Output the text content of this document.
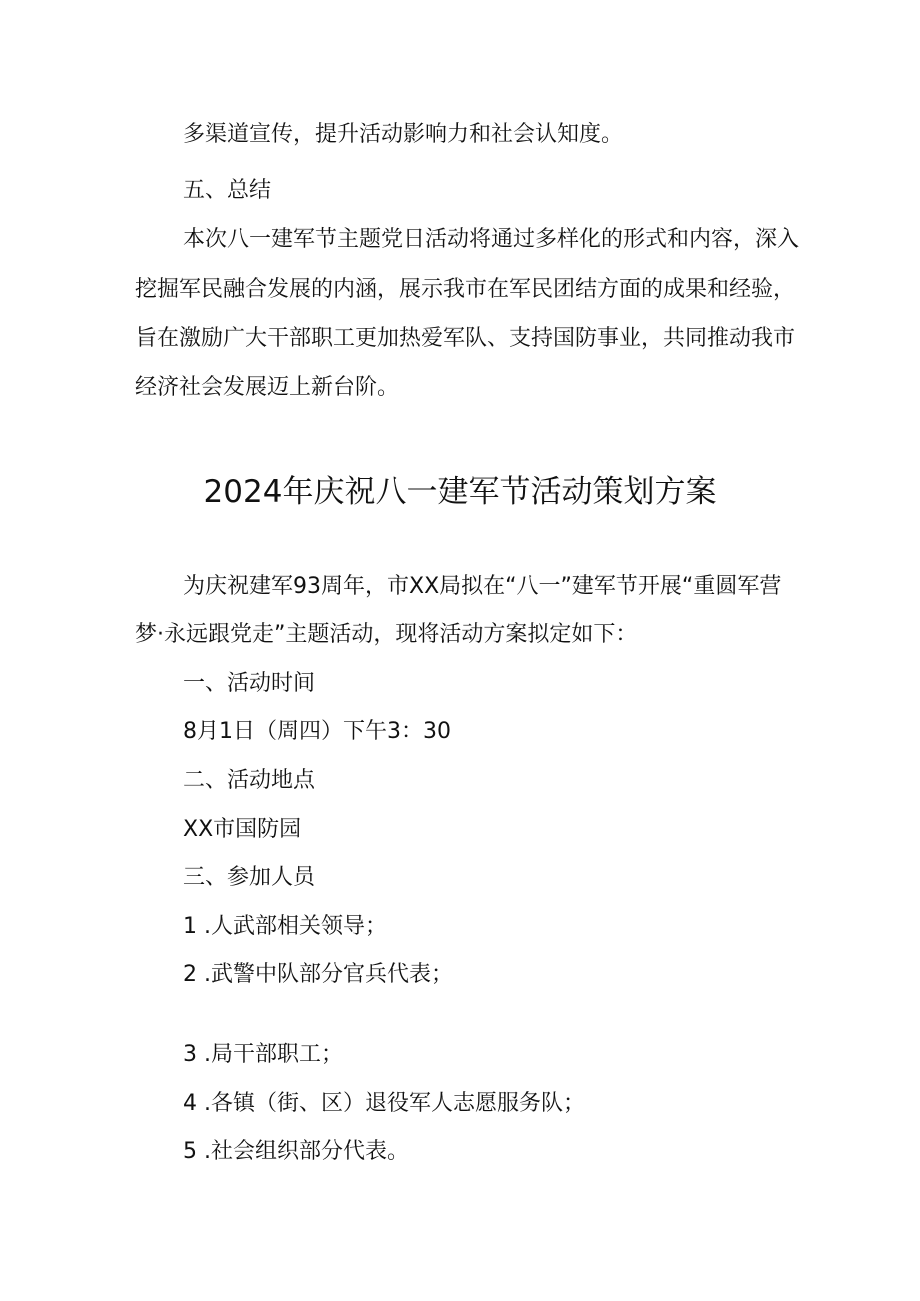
多渠道宣传，提升活动影响力和社会认知度。
五、总结
本次八一建军节主题党日活动将通过多样化的形式和内容，深入
挖掘军民融合发展的内涵，展示我市在军民团结方面的成果和经验，
旨在激励广大干部职工更加热爱军队、支持国防事业，共同推动我市
经济社会发展迈上新台阶。
2024年庆祝八一建军节活动策划方案
为庆祝建军93周年，市XX局拟在“八一”建军节开展“重圆军营
梦·永远跟党走”主题活动，现将活动方案拟定如下：
一、活动时间
8月1日（周四）下午3：30
二、活动地点
XX市国防园
三、参加人员
1 .人武部相关领导；
2 .武警中队部分官兵代表；
3 .局干部职工；
4 .各镇（街、区）退役军人志愿服务队；
5 .社会组织部分代表。
